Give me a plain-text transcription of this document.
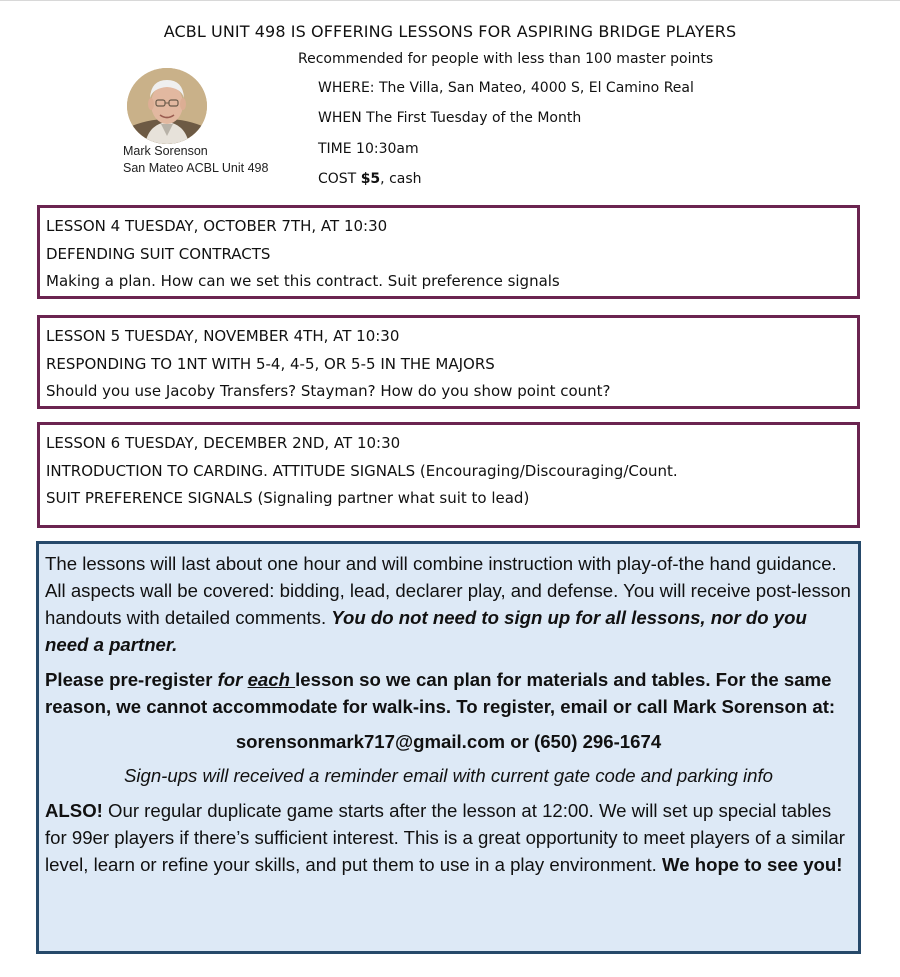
ACBL UNIT 498 IS OFFERING LESSONS FOR ASPIRING BRIDGE PLAYERS
Recommended for people with less than 100 master points
WHERE: The Villa, San Mateo, 4000 S, El Camino Real
WHEN The First Tuesday of the Month
TIME 10:30am
COST $5, cash
Mark Sorenson
San Mateo ACBL Unit 498
LESSON 4 TUESDAY, OCTOBER 7TH, AT 10:30
DEFENDING SUIT CONTRACTS
Making a plan. How can we set this contract. Suit preference signals
LESSON 5 TUESDAY, NOVEMBER 4TH, AT 10:30
RESPONDING TO 1NT WITH 5-4, 4-5, OR 5-5 IN THE MAJORS
Should you use Jacoby Transfers? Stayman? How do you show point count?
LESSON 6 TUESDAY, DECEMBER 2ND, AT 10:30
INTRODUCTION TO CARDING. ATTITUDE SIGNALS (Encouraging/Discouraging/Count.
SUIT PREFERENCE SIGNALS (Signaling partner what suit to lead)

The lessons will last about one hour and will combine instruction with play-of-the hand guidance. All aspects wall be covered: bidding, lead, declarer play, and defense. You will receive post-lesson handouts with detailed comments. You do not need to sign up for all lessons, nor do you need a partner.

Please pre-register for each lesson so we can plan for materials and tables. For the same reason, we cannot accommodate for walk-ins. To register, email or call Mark Sorenson at:

sorensonmark717@gmail.com or (650) 296-1674

Sign-ups will received a reminder email with current gate code and parking info

ALSO! Our regular duplicate game starts after the lesson at 12:00. We will set up special tables for 99er players if there’s sufficient interest. This is a great opportunity to meet players of a similar level, learn or refine your skills, and put them to use in a play environment. We hope to see you!
